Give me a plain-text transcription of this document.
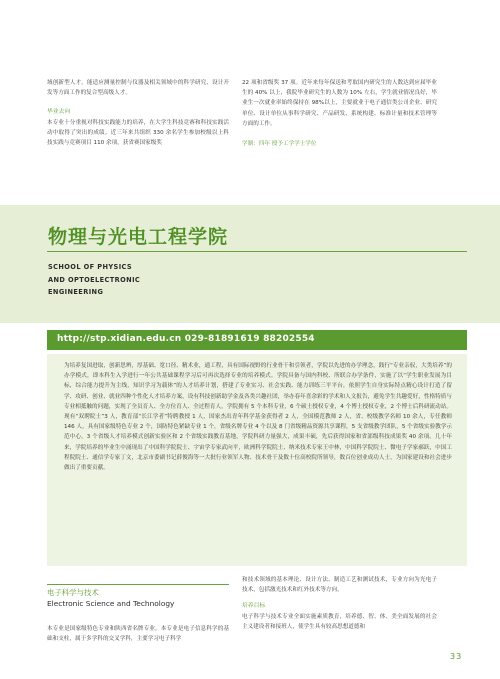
域创新型人才，能适应测量控制与仪器及相关领域中的科学研究、设计开发等方面工作的复合型高级人才。

毕业去向

本专业十分重视对科技实践能力的培养，在大学生科技竞赛和科技实践活动中取得了突出的成绩。近三年来共组织 330 余名学生参加校级以上科技实践与竞赛项目 110 余项，获省赛国家级奖

22 项和省级奖 37 项。近年来每年保送和考取国内研究生的人数达到应届毕业生的 40% 以上，我院毕业研究生的人数为 10% 左右，学生就业情况良好，毕业生一次就业率始终保持在 98%以上，主要就业于电子通信类公司企业、研究单位、设计单位从事科学研究、产品研发、系统构建、标准计量和技术管理等方面的工作。

学制：四年 授予工学学士学位

物理与光电工程学院
SCHOOL OF PHYSICS
AND OPTOELECTRONIC
ENGINEERING
http://stp.xidian.edu.cn 029-81891619 88202554

为培养复国进取，创新思辨，厚基础、宽口径、精术业，通工程，具有国际视野的行业骨干和引领者，学院以先进的办学理念，践行“专业亲驭，大类培养”的办学模式，即本科生入学进行一年公共基础课程学习后可再次选择专业的培养模式。学院具备与国内科校、所联合办学条件，实施了以“学生职业发展为目标，综合能力提升为主线，知识学习为载体”的人才培养计划，搭建了专业实习、社会实践、能力训练三平平台，依照学生自身实际特点精心设计打造了留学、攻研、创业、就业四种个性化人才培养方案，设有科技创新助学金及各类兴趣社团，举办春年喜余彩的学术和人文报告，避免学生共趣爱好，性格特质与专业相抵触的问题，实现了全员育人、全方位育人、全过程育人。学院拥有 5 个本科专业，6 个硕士授权专业，4 个博士授权专业，2 个博士后科研流动站。现有“双聘院士”3 人，教育部“长江学者”特聘教授 1 人，国家杰出青年科学基金获得者 2 人，全国模范教师 2 人，省、校级教学名师 10 余人，专任教师 146 人，具有国家级特色专业 2 个，国防特色紧缺专业 1 个，省级名牌专业 4 个以及 8 门省级精品资源共享课程，5 支省级教学团队，5 个省级实验教学示范中心，3 个省级人才培养模式创新实验区和 2 个省级实践教育基地。学院科研力量强大，成果丰硕，先后获得国家和省部级科技成果奖 40 余项。几十年来，学院培养的毕业生中涌现出了中国科学院院士、宇宙学专家武向平，欧洲科学院院士、纳米技术专家王中林，中国科学院院士、微电子学家郝跃，中国工程院院士、通信学专家丁文，北京市委副书记薛俊海等一大批行业领军人物、技术骨干及数十位高校院所领导，数百位创业成功人士，为国家建设和社会进步做出了重要贡献。

电子科学与技术
Electronic Science and Technology

本专业是国家级特色专业和陕西省名牌专业。本专业是电子信息科学的基础和支柱，属于多学科的交叉学科，主要学习电子科学

和技术领域的基本理论、设计方法、制造工艺和测试技术，专业方向为光电子技术，包括激光技术和红外技术等方向。

培养目标

电子科学与技术专业全面实施素质教育，培养德、智、体、美全面发展的社会主义建设者和接班人，使学生具有较高思想道德和

33
